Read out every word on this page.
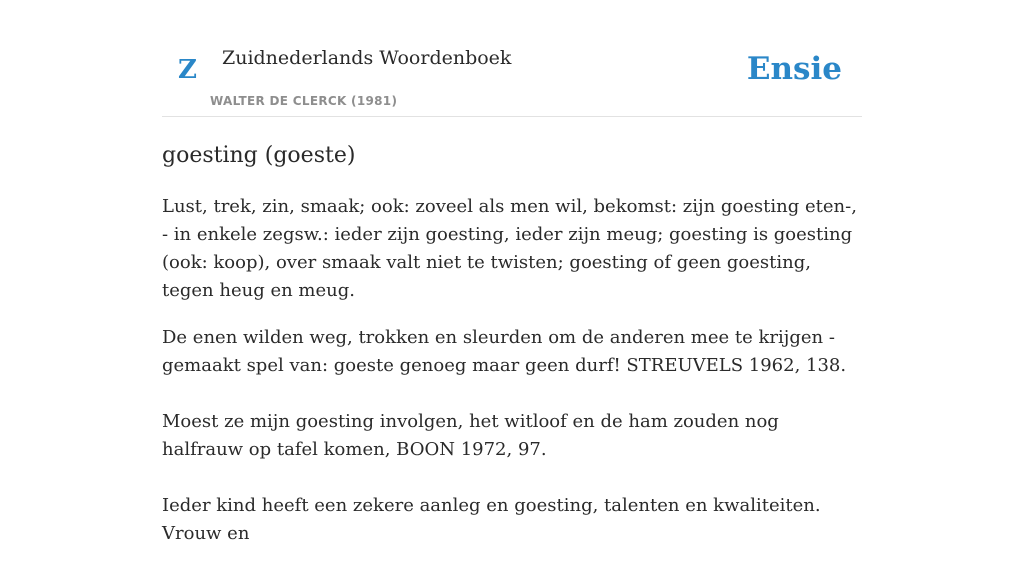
Z Zuidnederlands Woordenboek
WALTER DE CLERCK (1981)
Ensie
goesting (goeste)

Lust, trek, zin, smaak; ook: zoveel als men wil, bekomst: zijn goesting eten-, - in enkele zegsw.: ieder zijn goesting, ieder zijn meug; goesting is goesting (ook: koop), over smaak valt niet te twisten; goesting of geen goesting, tegen heug en meug.

De enen wilden weg, trokken en sleurden om de anderen mee te krijgen - gemaakt spel van: goeste genoeg maar geen durf! STREUVELS 1962, 138.

Moest ze mijn goesting involgen, het witloof en de ham zouden nog halfrauw op tafel komen, BOON 1972, 97.

Ieder kind heeft een zekere aanleg en goesting, talenten en kwaliteiten. Vrouw en
